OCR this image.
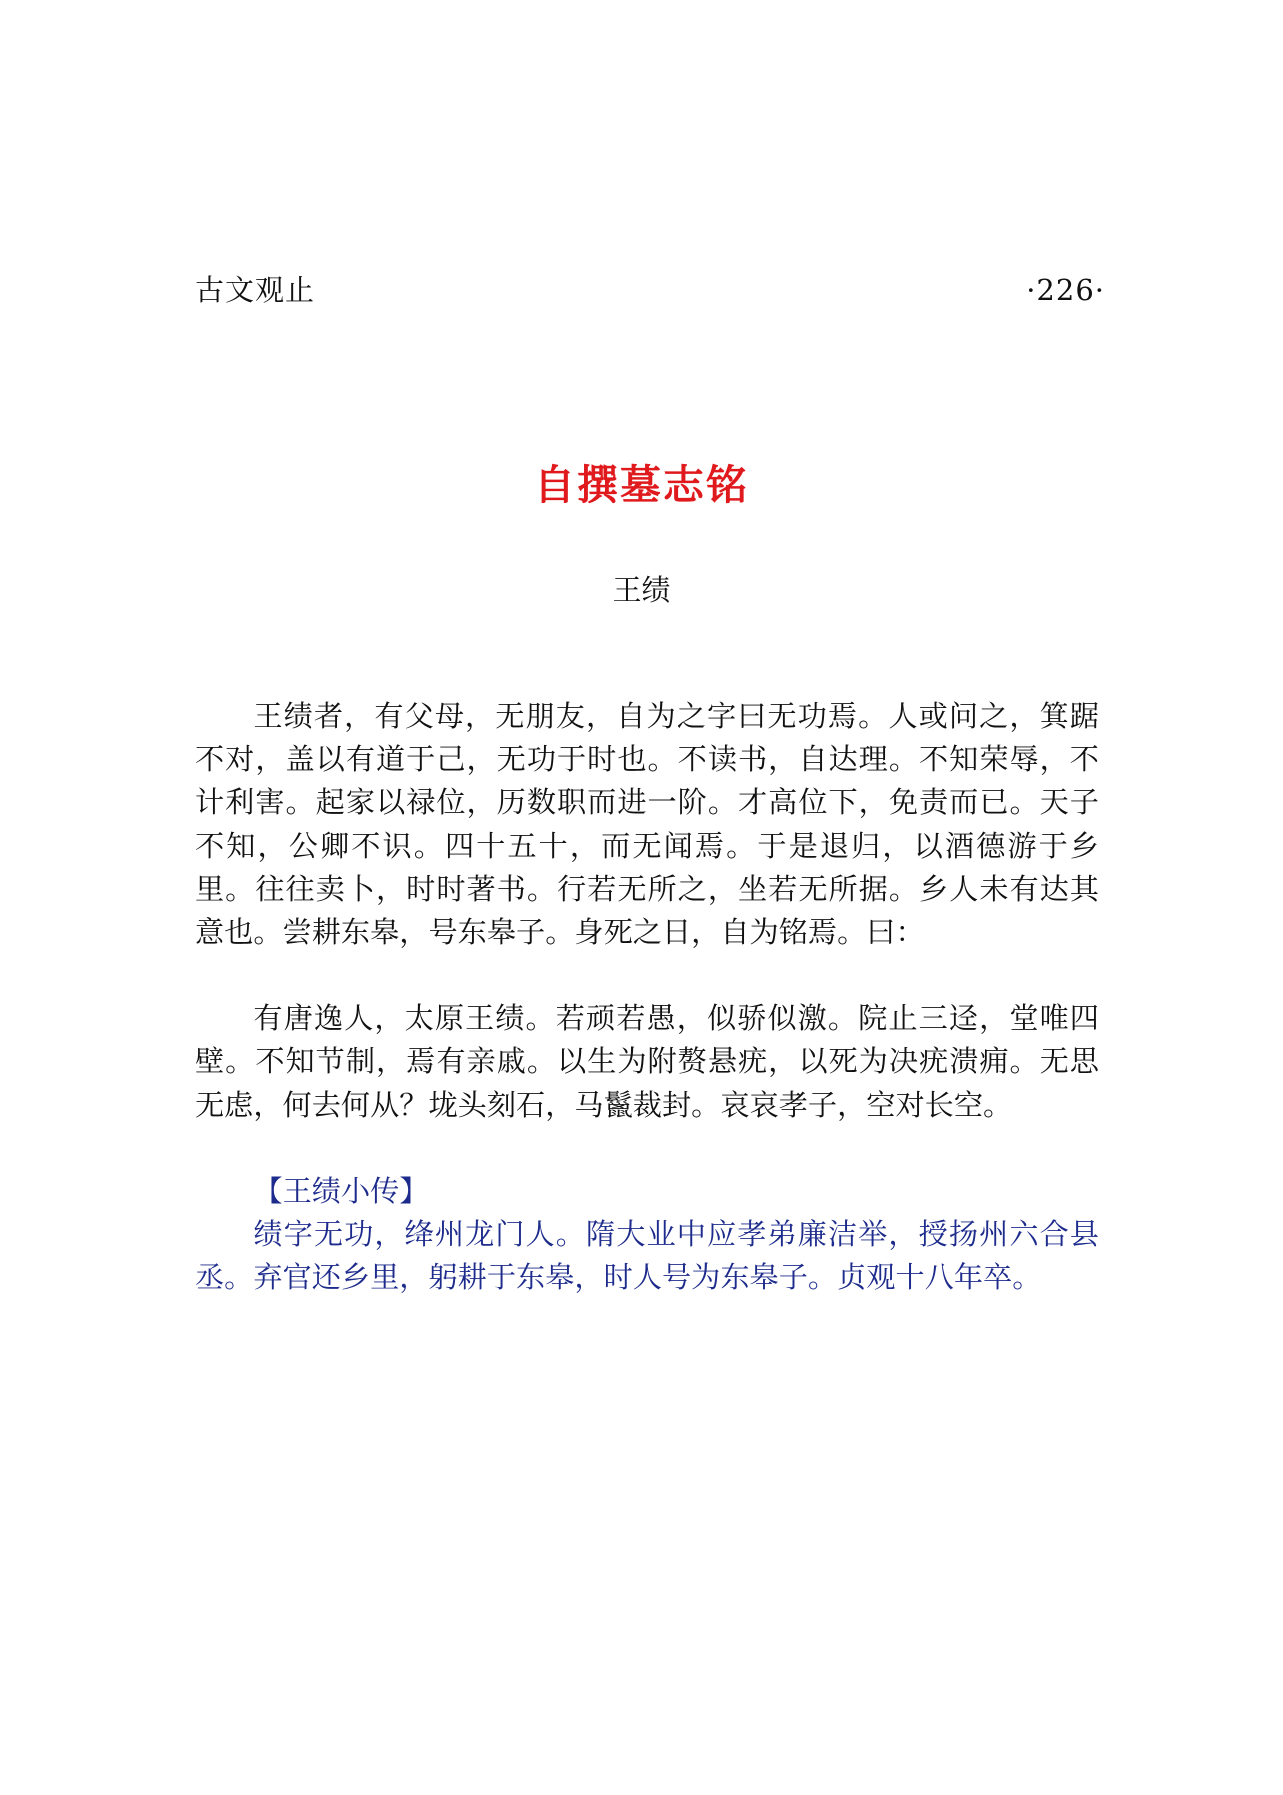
古文观止	·226·
自撰墓志铭
王绩

王绩者，有父母，无朋友，自为之字曰无功焉。人或问之，箕踞不对，盖以有道于己，无功于时也。不读书，自达理。不知荣辱，不计利害。起家以禄位，历数职而进一阶。才高位下，免责而已。天子不知，公卿不识。四十五十，而无闻焉。于是退归，以酒德游于乡里。往往卖卜，时时著书。行若无所之，坐若无所据。乡人未有达其意也。尝耕东皋，号东皋子。身死之日，自为铭焉。曰：

有唐逸人，太原王绩。若顽若愚，似骄似激。院止三迳，堂唯四壁。不知节制，焉有亲戚。以生为附赘悬疣，以死为决疣溃痈。无思无虑，何去何从？垅头刻石，马鬣裁封。哀哀孝子，空对长空。

【王绩小传】

绩字无功，绛州龙门人。隋大业中应孝弟廉洁举，授扬州六合县丞。弃官还乡里，躬耕于东皋，时人号为东皋子。贞观十八年卒。
